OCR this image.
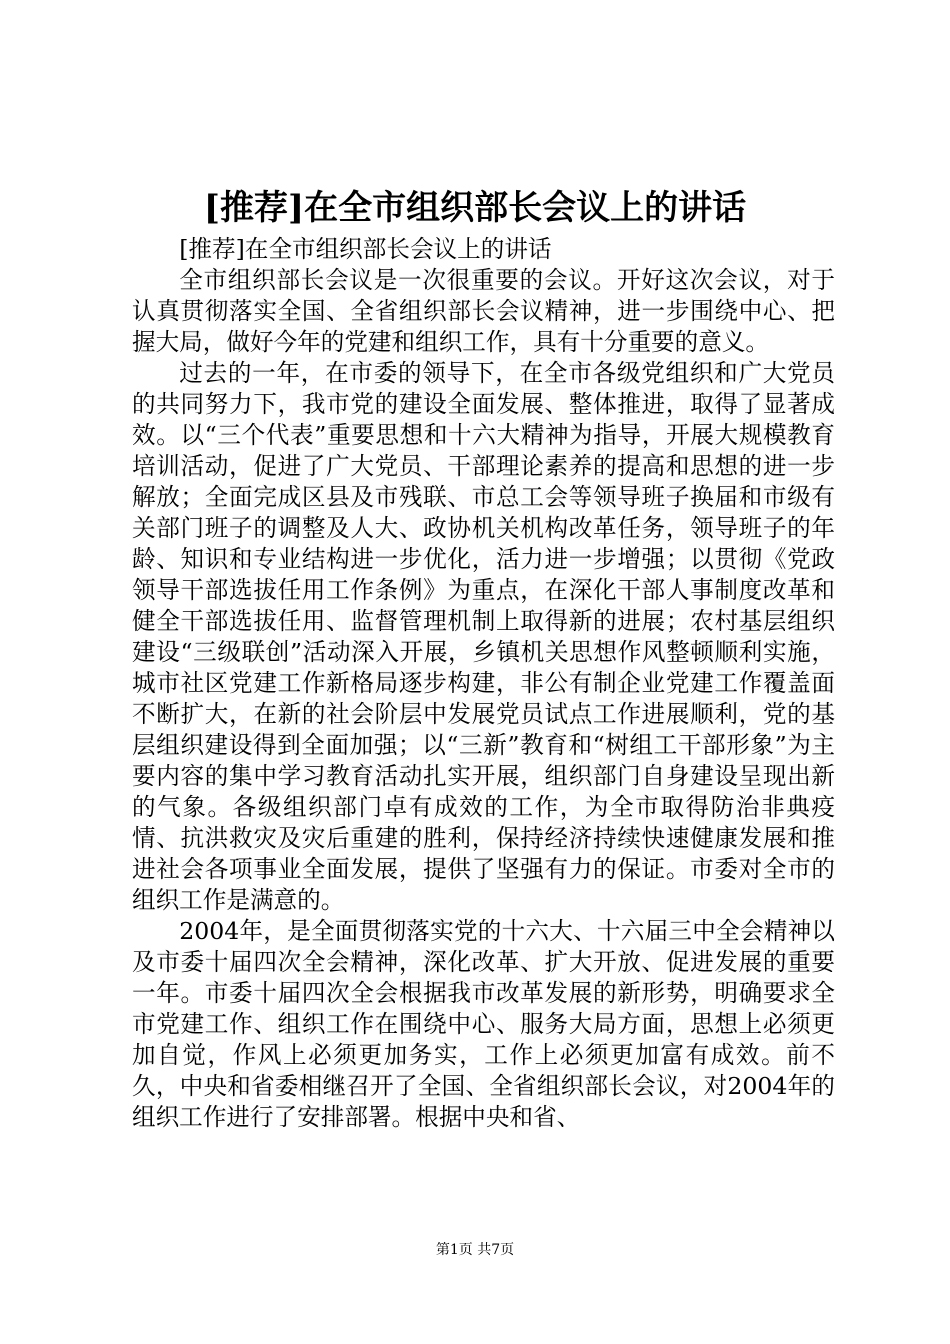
[推荐]在全市组织部长会议上的讲话

[推荐]在全市组织部长会议上的讲话

全市组织部长会议是一次很重要的会议。开好这次会议，对于认真贯彻落实全国、全省组织部长会议精神，进一步围绕中心、把握大局，做好今年的党建和组织工作，具有十分重要的意义。

过去的一年，在市委的领导下，在全市各级党组织和广大党员的共同努力下，我市党的建设全面发展、整体推进，取得了显著成效。以“三个代表”重要思想和十六大精神为指导，开展大规模教育培训活动，促进了广大党员、干部理论素养的提高和思想的进一步解放；全面完成区县及市残联、市总工会等领导班子换届和市级有关部门班子的调整及人大、政协机关机构改革任务，领导班子的年龄、知识和专业结构进一步优化，活力进一步增强；以贯彻《党政领导干部选拔任用工作条例》为重点，在深化干部人事制度改革和健全干部选拔任用、监督管理机制上取得新的进展；农村基层组织建设“三级联创”活动深入开展，乡镇机关思想作风整顿顺利实施，城市社区党建工作新格局逐步构建，非公有制企业党建工作覆盖面不断扩大，在新的社会阶层中发展党员试点工作进展顺利，党的基层组织建设得到全面加强；以“三新”教育和“树组工干部形象”为主要内容的集中学习教育活动扎实开展，组织部门自身建设呈现出新的气象。各级组织部门卓有成效的工作，为全市取得防治非典疫情、抗洪救灾及灾后重建的胜利，保持经济持续快速健康发展和推进社会各项事业全面发展，提供了坚强有力的保证。市委对全市的组织工作是满意的。

2004年，是全面贯彻落实党的十六大、十六届三中全会精神以及市委十届四次全会精神，深化改革、扩大开放、促进发展的重要一年。市委十届四次全会根据我市改革发展的新形势，明确要求全市党建工作、组织工作在围绕中心、服务大局方面，思想上必须更加自觉，作风上必须更加务实，工作上必须更加富有成效。前不久，中央和省委相继召开了全国、全省组织部长会议，对2004年的组织工作进行了安排部署。根据中央和省、

第1页 共7页
